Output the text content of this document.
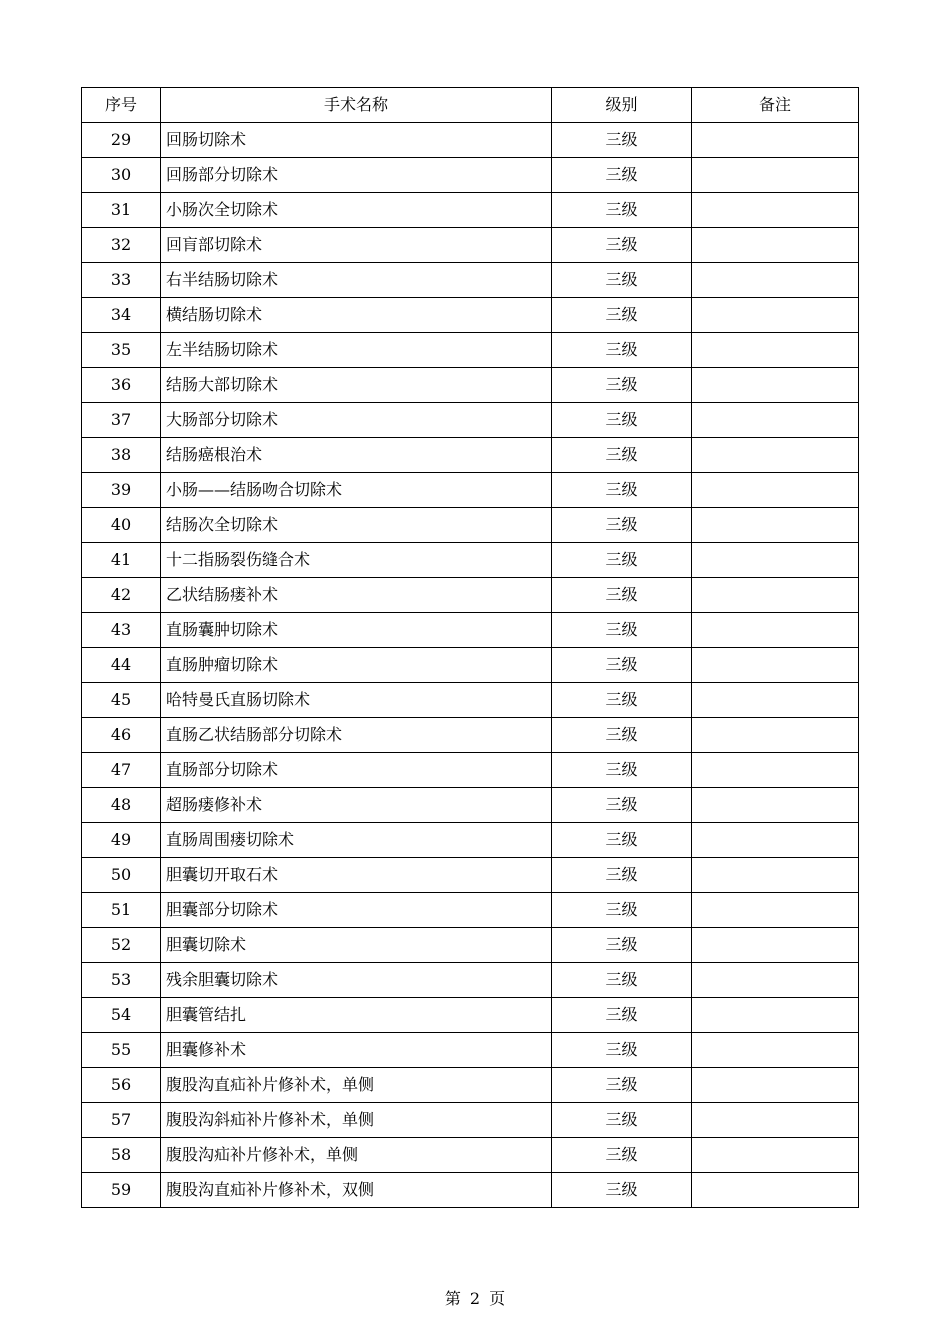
序号	手术名称	级别	备注
29	回肠切除术	三级	
30	回肠部分切除术	三级	
31	小肠次全切除术	三级	
32	回肓部切除术	三级	
33	右半结肠切除术	三级	
34	横结肠切除术	三级	
35	左半结肠切除术	三级	
36	结肠大部切除术	三级	
37	大肠部分切除术	三级	
38	结肠癌根治术	三级	
39	小肠——结肠吻合切除术	三级	
40	结肠次全切除术	三级	
41	十二指肠裂伤缝合术	三级	
42	乙状结肠瘘补术	三级	
43	直肠囊肿切除术	三级	
44	直肠肿瘤切除术	三级	
45	哈特曼氏直肠切除术	三级	
46	直肠乙状结肠部分切除术	三级	
47	直肠部分切除术	三级	
48	超肠瘘修补术	三级	
49	直肠周围瘘切除术	三级	
50	胆囊切开取石术	三级	
51	胆囊部分切除术	三级	
52	胆囊切除术	三级	
53	残余胆囊切除术	三级	
54	胆囊管结扎	三级	
55	胆囊修补术	三级	
56	腹股沟直疝补片修补术，单侧	三级	
57	腹股沟斜疝补片修补术，单侧	三级	
58	腹股沟疝补片修补术，单侧	三级	
59	腹股沟直疝补片修补术，双侧	三级	
第 2 页
